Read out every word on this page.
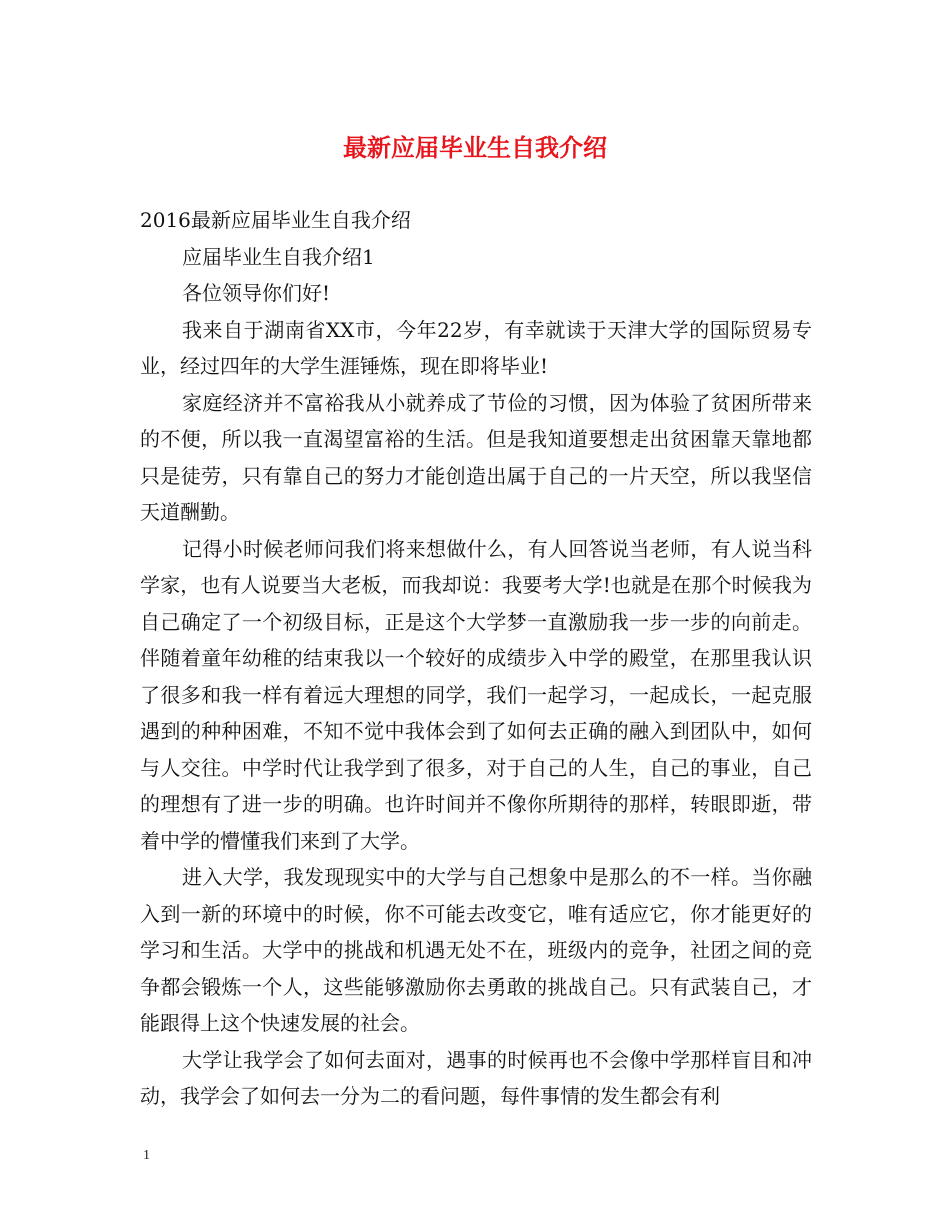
最新应届毕业生自我介绍

2016最新应届毕业生自我介绍

应届毕业生自我介绍1

各位领导你们好!

我来自于湖南省XX市，今年22岁，有幸就读于天津大学的国际贸易专业，经过四年的大学生涯锤炼，现在即将毕业!

家庭经济并不富裕我从小就养成了节俭的习惯，因为体验了贫困所带来的不便，所以我一直渴望富裕的生活。但是我知道要想走出贫困靠天靠地都只是徒劳，只有靠自己的努力才能创造出属于自己的一片天空，所以我坚信天道酬勤。

记得小时候老师问我们将来想做什么，有人回答说当老师，有人说当科学家，也有人说要当大老板，而我却说：我要考大学!也就是在那个时候我为自己确定了一个初级目标，正是这个大学梦一直激励我一步一步的向前走。伴随着童年幼稚的结束我以一个较好的成绩步入中学的殿堂，在那里我认识了很多和我一样有着远大理想的同学，我们一起学习，一起成长，一起克服遇到的种种困难，不知不觉中我体会到了如何去正确的融入到团队中，如何与人交往。中学时代让我学到了很多，对于自己的人生，自己的事业，自己的理想有了进一步的明确。也许时间并不像你所期待的那样，转眼即逝，带着中学的懵懂我们来到了大学。

进入大学，我发现现实中的大学与自己想象中是那么的不一样。当你融入到一新的环境中的时候，你不可能去改变它，唯有适应它，你才能更好的学习和生活。大学中的挑战和机遇无处不在，班级内的竞争，社团之间的竞争都会锻炼一个人，这些能够激励你去勇敢的挑战自己。只有武装自己，才能跟得上这个快速发展的社会。

大学让我学会了如何去面对，遇事的时候再也不会像中学那样盲目和冲动，我学会了如何去一分为二的看问题，每件事情的发生都会有利

1
